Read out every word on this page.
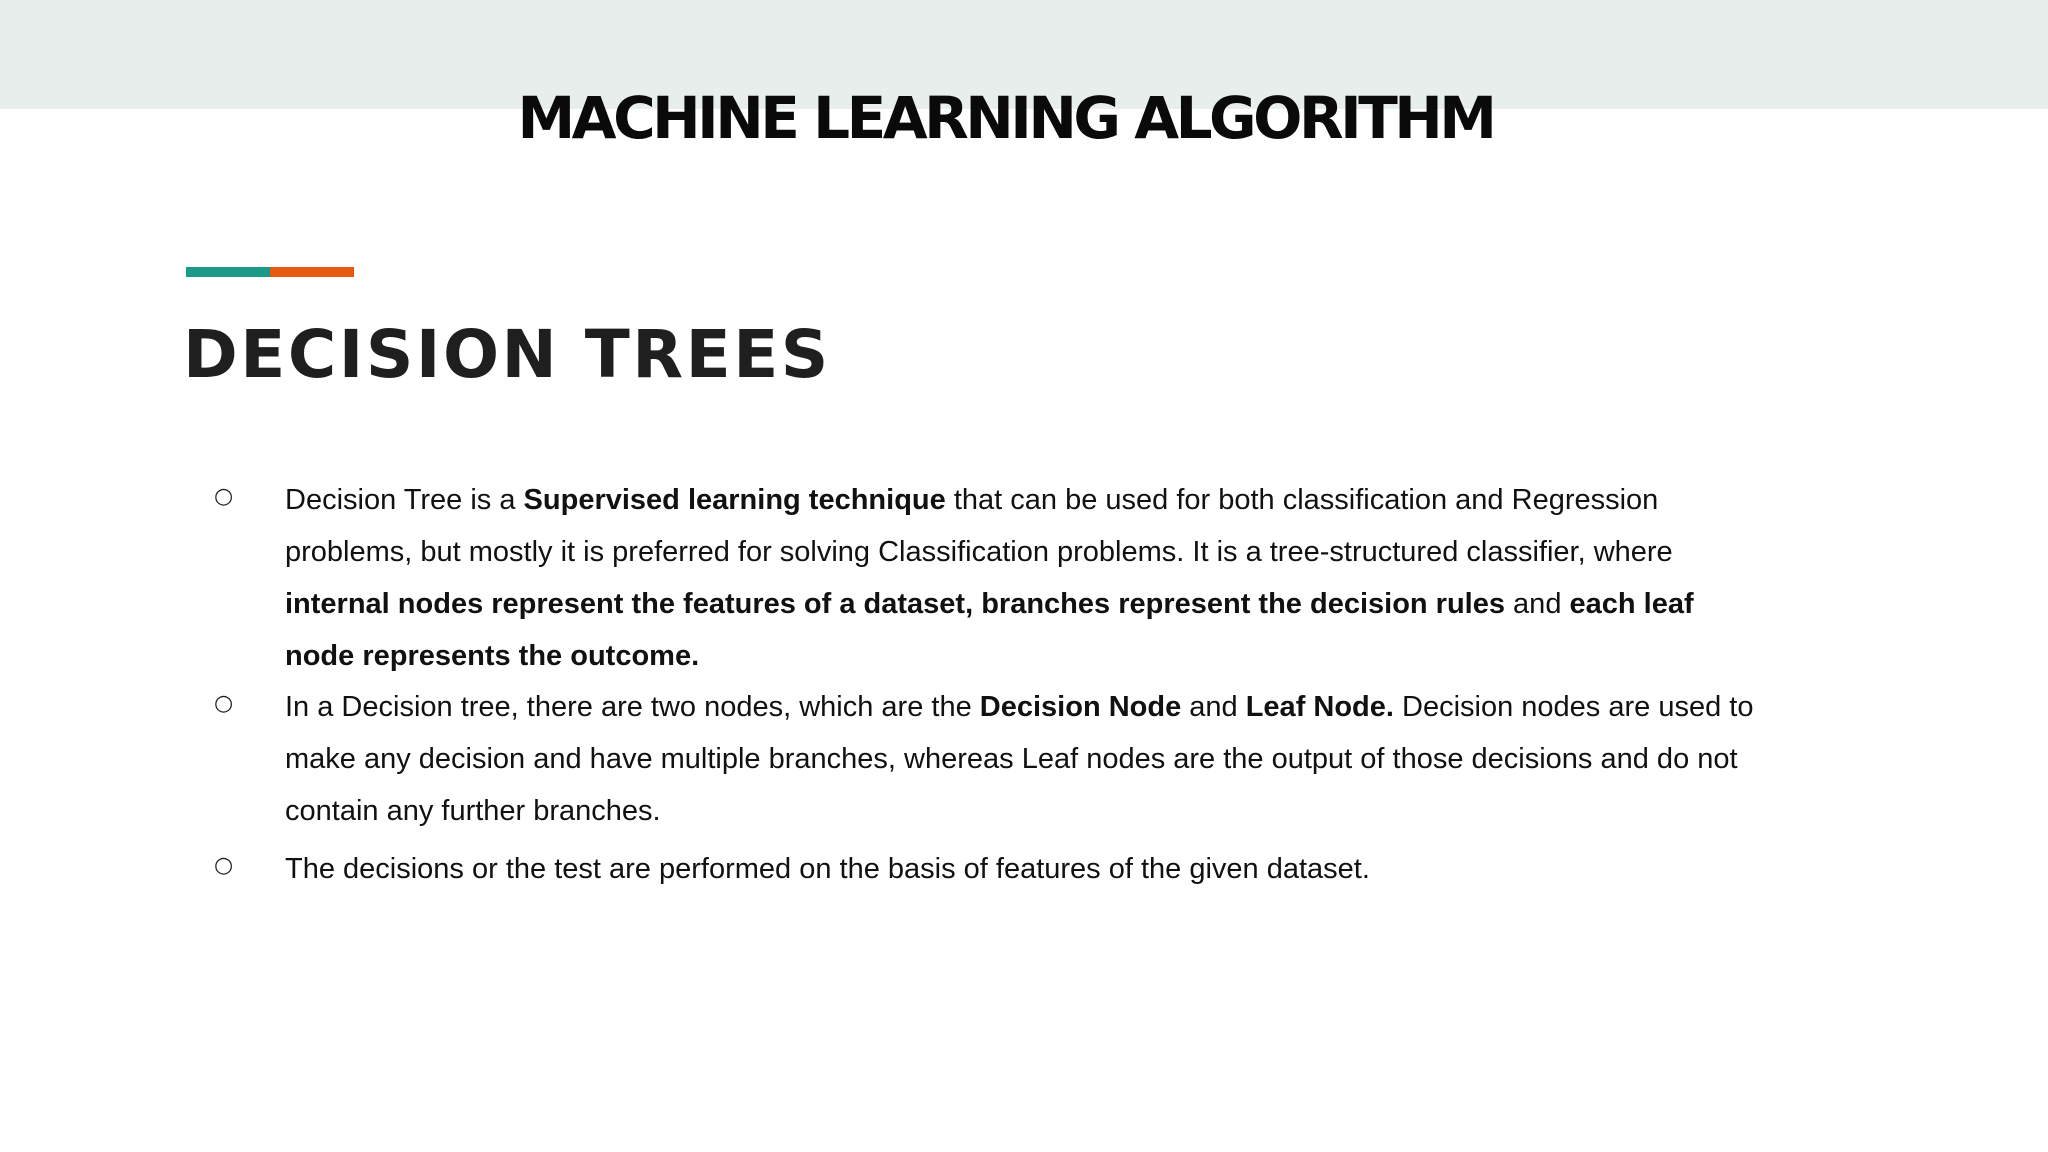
MACHINE LEARNING ALGORITHM
DECISION TREES
○ Decision Tree is a Supervised learning technique that can be used for both classification and Regression
problems, but mostly it is preferred for solving Classification problems. It is a tree-structured classifier, where
internal nodes represent the features of a dataset, branches represent the decision rules and each leaf
node represents the outcome.

○ In a Decision tree, there are two nodes, which are the Decision Node and Leaf Node. Decision nodes are used to
make any decision and have multiple branches, whereas Leaf nodes are the output of those decisions and do not
contain any further branches.

○ The decisions or the test are performed on the basis of features of the given dataset.
